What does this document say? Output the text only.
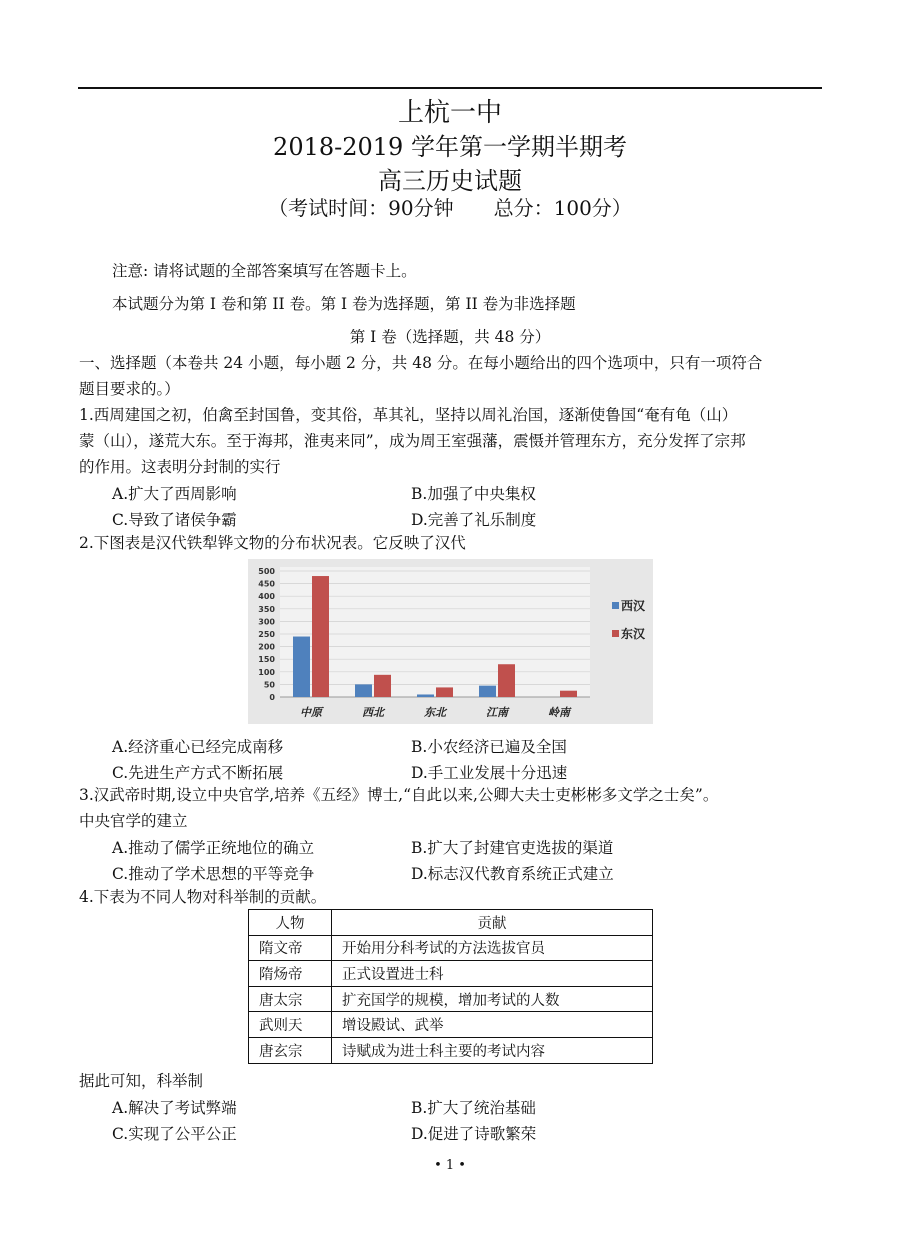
上杭一中
2018-2019 学年第一学期半期考
高三历史试题
（考试时间：90分钟　　总分：100分）
注意: 请将试题的全部答案填写在答题卡上。
本试题分为第 I 卷和第 II 卷。第 I 卷为选择题，第 II 卷为非选择题
第 I 卷（选择题，共 48 分）
一、选择题（本卷共 24 小题，每小题 2 分，共 48 分。在每小题给出的四个选项中，只有一项符合
题目要求的。）
1.西周建国之初，伯禽至封国鲁，变其俗，革其礼，坚持以周礼治国，逐渐使鲁国“奄有龟（山）
蒙（山），遂荒大东。至于海邦，淮夷来同”，成为周王室强藩，震慑并管理东方，充分发挥了宗邦
的作用。这表明分封制的实行
A.扩大了西周影响	B.加强了中央集权
C.导致了诸侯争霸	D.完善了礼乐制度
2.下图表是汉代铁犁铧文物的分布状况表。它反映了汉代
500
450
400
350
300
250
200
150
100
50
0
中原	西北	东北	江南	岭南
西汉
东汉
A.经济重心已经完成南移	B.小农经济已遍及全国
C.先进生产方式不断拓展	D.手工业发展十分迅速
3.汉武帝时期,设立中央官学,培养《五经》博士,“自此以来,公卿大夫士吏彬彬多文学之士矣”。
中央官学的建立
A.推动了儒学正统地位的确立	B.扩大了封建官吏选拔的渠道
C.推动了学术思想的平等竞争	D.标志汉代教育系统正式建立
4.下表为不同人物对科举制的贡献。
人物	贡献
隋文帝	开始用分科考试的方法选拔官员
隋炀帝	正式设置进士科
唐太宗	扩充国学的规模，增加考试的人数
武则天	增设殿试、武举
唐玄宗	诗赋成为进士科主要的考试内容
据此可知，科举制
A.解决了考试弊端	B.扩大了统治基础
C.实现了公平公正	D.促进了诗歌繁荣
• 1 •
